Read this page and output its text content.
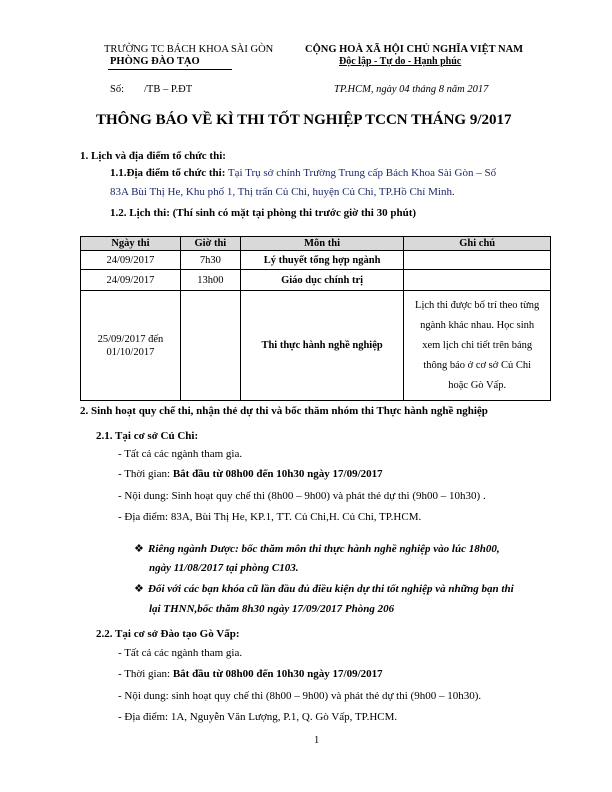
TRƯỜNG TC BÁCH KHOA SÀI GÒN
PHÒNG ĐÀO TẠO
CỘNG HOÀ XÃ HỘI CHỦ NGHĨA VIỆT NAM
Độc lập - Tự do - Hạnh phúc
Số: /TB – P.ĐT	TP.HCM, ngày 04 tháng 8 năm 2017
THÔNG BÁO VỀ KÌ THI TỐT NGHIỆP TCCN THÁNG 9/2017
1. Lịch và địa điểm tổ chức thi:
1.1.Địa điểm tổ chức thi: Tại Trụ sở chính Trường Trung cấp Bách Khoa Sài Gòn – Số
83A Bùi Thị He, Khu phố 1, Thị trấn Củ Chi, huyện Củ Chi, TP.Hồ Chí Minh.
1.2. Lịch thi: (Thí sinh có mặt tại phòng thi trước giờ thi 30 phút)
Ngày thi	Giờ thi	Môn thi	Ghi chú
24/09/2017	7h30	Lý thuyết tổng hợp ngành	
24/09/2017	13h00	Giáo dục chính trị	
25/09/2017 đến 01/10/2017		Thi thực hành nghề nghiệp	Lịch thi được bố trí theo từng
ngành khác nhau. Học sinh
xem lịch chi tiết trên bảng
thông báo ở cơ sở Củ Chi
hoặc Gò Vấp.
2. Sinh hoạt quy chế thi, nhận thẻ dự thi và bốc thăm nhóm thi Thực hành nghề nghiệp
2.1. Tại cơ sở Củ Chi:
- Tất cả các ngành tham gia.
- Thời gian: Bắt đầu từ 08h00 đến 10h30 ngày 17/09/2017
- Nội dung: Sinh hoạt quy chế thi (8h00 – 9h00) và phát thẻ dự thi (9h00 – 10h30) .
- Địa điểm: 83A, Bùi Thị He, KP.1, TT. Củ Chi,H. Củ Chi, TP.HCM.
❖ Riêng ngành Dược: bốc thăm môn thi thực hành nghề nghiệp vào lúc 18h00,
ngày 11/08/2017 tại phòng C103.
❖ Đối với các bạn khóa cũ lần đầu đủ điều kiện dự thi tốt nghiệp và những bạn thi
lại THNN,bốc thăm 8h30 ngày 17/09/2017 Phòng 206
2.2. Tại cơ sở Đào tạo Gò Vấp:
- Tất cả các ngành tham gia.
- Thời gian: Bắt đầu từ 08h00 đến 10h30 ngày 17/09/2017
- Nội dung: sinh hoạt quy chế thi (8h00 – 9h00) và phát thẻ dự thi (9h00 – 10h30).
- Địa điểm: 1A, Nguyễn Văn Lượng, P.1, Q. Gò Vấp, TP.HCM.
1
